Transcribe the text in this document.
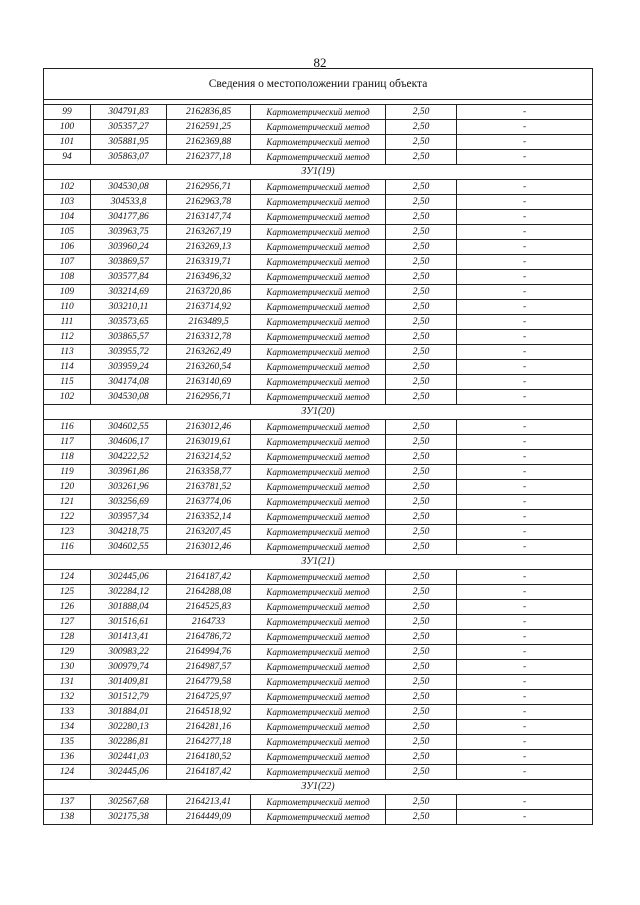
82
Сведения о местоположении границ объекта					

99	304791,83	2162836,85	Картометрический метод	2,50	-
100	305357,27	2162591,25	Картометрический метод	2,50	-
101	305881,95	2162369,88	Картометрический метод	2,50	-
94	305863,07	2162377,18	Картометрический метод	2,50	-
ЗУ1(19)					
102	304530,08	2162956,71	Картометрический метод	2,50	-
103	304533,8	2162963,78	Картометрический метод	2,50	-
104	304177,86	2163147,74	Картометрический метод	2,50	-
105	303963,75	2163267,19	Картометрический метод	2,50	-
106	303960,24	2163269,13	Картометрический метод	2,50	-
107	303869,57	2163319,71	Картометрический метод	2,50	-
108	303577,84	2163496,32	Картометрический метод	2,50	-
109	303214,69	2163720,86	Картометрический метод	2,50	-
110	303210,11	2163714,92	Картометрический метод	2,50	-
111	303573,65	2163489,5	Картометрический метод	2,50	-
112	303865,57	2163312,78	Картометрический метод	2,50	-
113	303955,72	2163262,49	Картометрический метод	2,50	-
114	303959,24	2163260,54	Картометрический метод	2,50	-
115	304174,08	2163140,69	Картометрический метод	2,50	-
102	304530,08	2162956,71	Картометрический метод	2,50	-
ЗУ1(20)					
116	304602,55	2163012,46	Картометрический метод	2,50	-
117	304606,17	2163019,61	Картометрический метод	2,50	-
118	304222,52	2163214,52	Картометрический метод	2,50	-
119	303961,86	2163358,77	Картометрический метод	2,50	-
120	303261,96	2163781,52	Картометрический метод	2,50	-
121	303256,69	2163774,06	Картометрический метод	2,50	-
122	303957,34	2163352,14	Картометрический метод	2,50	-
123	304218,75	2163207,45	Картометрический метод	2,50	-
116	304602,55	2163012,46	Картометрический метод	2,50	-
ЗУ1(21)					
124	302445,06	2164187,42	Картометрический метод	2,50	-
125	302284,12	2164288,08	Картометрический метод	2,50	-
126	301888,04	2164525,83	Картометрический метод	2,50	-
127	301516,61	2164733	Картометрический метод	2,50	-
128	301413,41	2164786,72	Картометрический метод	2,50	-
129	300983,22	2164994,76	Картометрический метод	2,50	-
130	300979,74	2164987,57	Картометрический метод	2,50	-
131	301409,81	2164779,58	Картометрический метод	2,50	-
132	301512,79	2164725,97	Картометрический метод	2,50	-
133	301884,01	2164518,92	Картометрический метод	2,50	-
134	302280,13	2164281,16	Картометрический метод	2,50	-
135	302286,81	2164277,18	Картометрический метод	2,50	-
136	302441,03	2164180,52	Картометрический метод	2,50	-
124	302445,06	2164187,42	Картометрический метод	2,50	-
ЗУ1(22)					
137	302567,68	2164213,41	Картометрический метод	2,50	-
138	302175,38	2164449,09	Картометрический метод	2,50	-
